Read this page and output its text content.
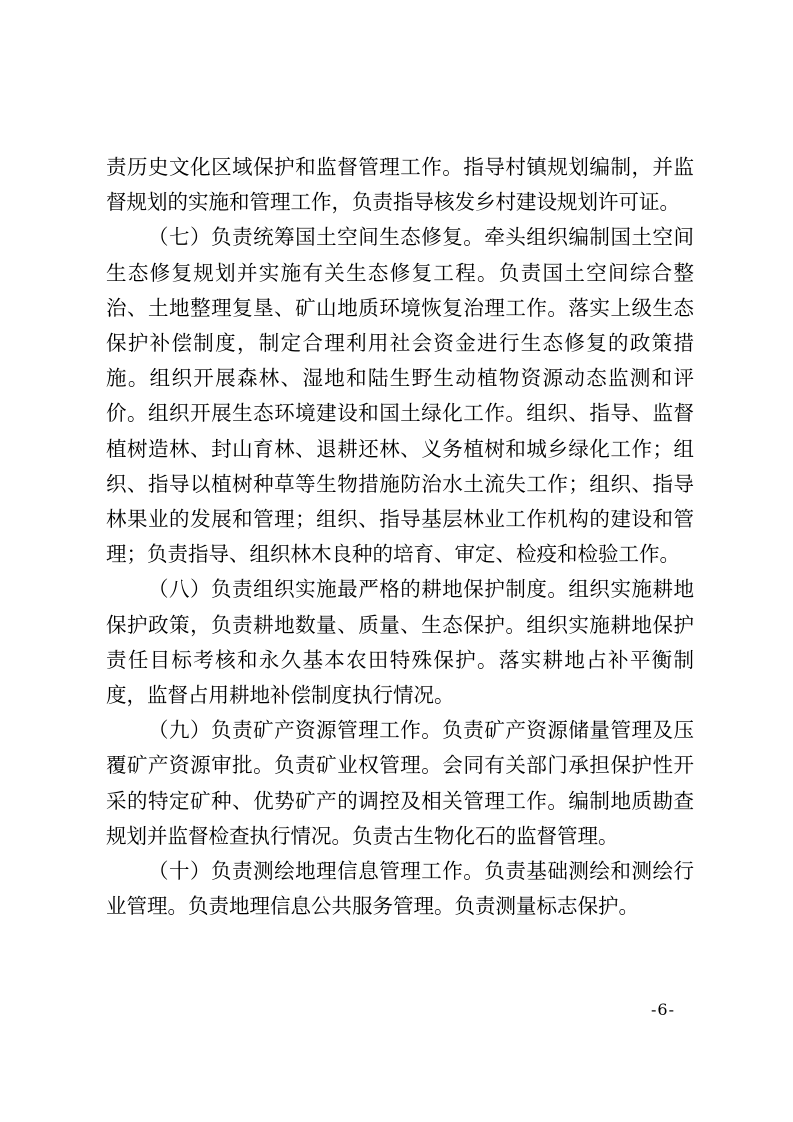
责历史文化区域保护和监督管理工作。指导村镇规划编制，并监督规划的实施和管理工作，负责指导核发乡村建设规划许可证。

（七）负责统筹国土空间生态修复。牵头组织编制国土空间生态修复规划并实施有关生态修复工程。负责国土空间综合整治、土地整理复垦、矿山地质环境恢复治理工作。落实上级生态保护补偿制度，制定合理利用社会资金进行生态修复的政策措施。组织开展森林、湿地和陆生野生动植物资源动态监测和评价。组织开展生态环境建设和国土绿化工作。组织、指导、监督植树造林、封山育林、退耕还林、义务植树和城乡绿化工作；组织、指导以植树种草等生物措施防治水土流失工作；组织、指导林果业的发展和管理；组织、指导基层林业工作机构的建设和管理；负责指导、组织林木良种的培育、审定、检疫和检验工作。

（八）负责组织实施最严格的耕地保护制度。组织实施耕地保护政策，负责耕地数量、质量、生态保护。组织实施耕地保护责任目标考核和永久基本农田特殊保护。落实耕地占补平衡制度，监督占用耕地补偿制度执行情况。

（九）负责矿产资源管理工作。负责矿产资源储量管理及压覆矿产资源审批。负责矿业权管理。会同有关部门承担保护性开采的特定矿种、优势矿产的调控及相关管理工作。编制地质勘查规划并监督检查执行情况。负责古生物化石的监督管理。

（十）负责测绘地理信息管理工作。负责基础测绘和测绘行业管理。负责地理信息公共服务管理。负责测量标志保护。

-6-
